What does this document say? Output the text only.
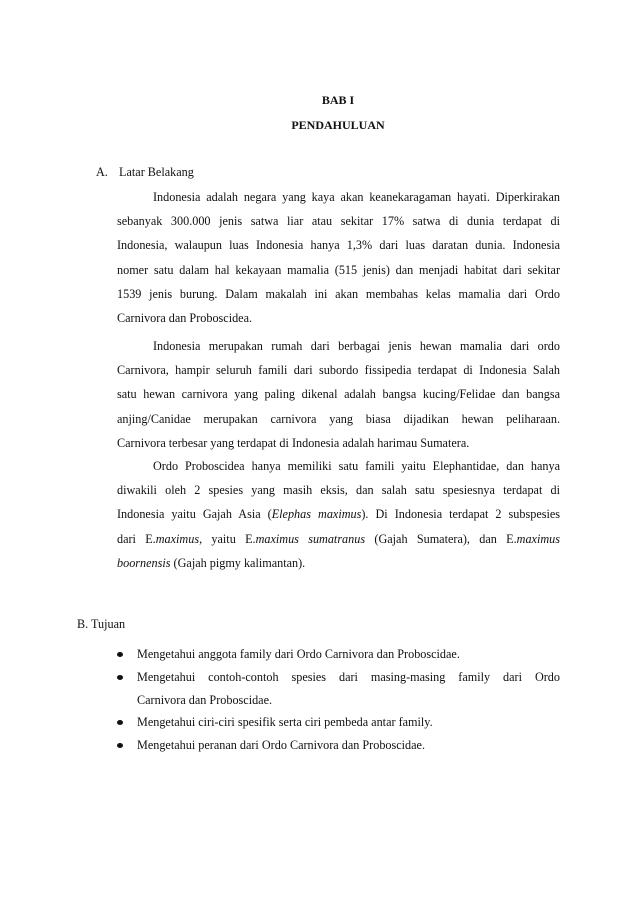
BAB I
PENDAHULUAN
A. Latar Belakang
Indonesia adalah negara yang kaya akan keanekaragaman hayati. Diperkirakan
sebanyak 300.000 jenis satwa liar atau sekitar 17% satwa di dunia terdapat di
Indonesia, walaupun luas Indonesia hanya 1,3% dari luas daratan dunia. Indonesia
nomer satu dalam hal kekayaan mamalia (515 jenis) dan menjadi habitat dari sekitar
1539 jenis burung. Dalam makalah ini akan membahas kelas mamalia dari Ordo
Carnivora dan Proboscidea.
Indonesia merupakan rumah dari berbagai jenis hewan mamalia dari ordo
Carnivora, hampir seluruh famili dari subordo fissipedia terdapat di Indonesia Salah
satu hewan carnivora yang paling dikenal adalah bangsa kucing/Felidae dan bangsa
anjing/Canidae merupakan carnivora yang biasa dijadikan hewan peliharaan.
Carnivora terbesar yang terdapat di Indonesia adalah harimau Sumatera.
Ordo Proboscidea hanya memiliki satu famili yaitu Elephantidae, dan hanya
diwakili oleh 2 spesies yang masih eksis, dan salah satu spesiesnya terdapat di
Indonesia yaitu Gajah Asia (Elephas maximus). Di Indonesia terdapat 2 subspesies
dari E.maximus, yaitu E.maximus sumatranus (Gajah Sumatera), dan E.maximus
boornensis (Gajah pigmy kalimantan).
B. Tujuan
Mengetahui anggota family dari Ordo Carnivora dan Proboscidae.
Mengetahui contoh-contoh spesies dari masing-masing family dari Ordo
Carnivora dan Proboscidae.
Mengetahui ciri-ciri spesifik serta ciri pembeda antar family.
Mengetahui peranan dari Ordo Carnivora dan Proboscidae.
